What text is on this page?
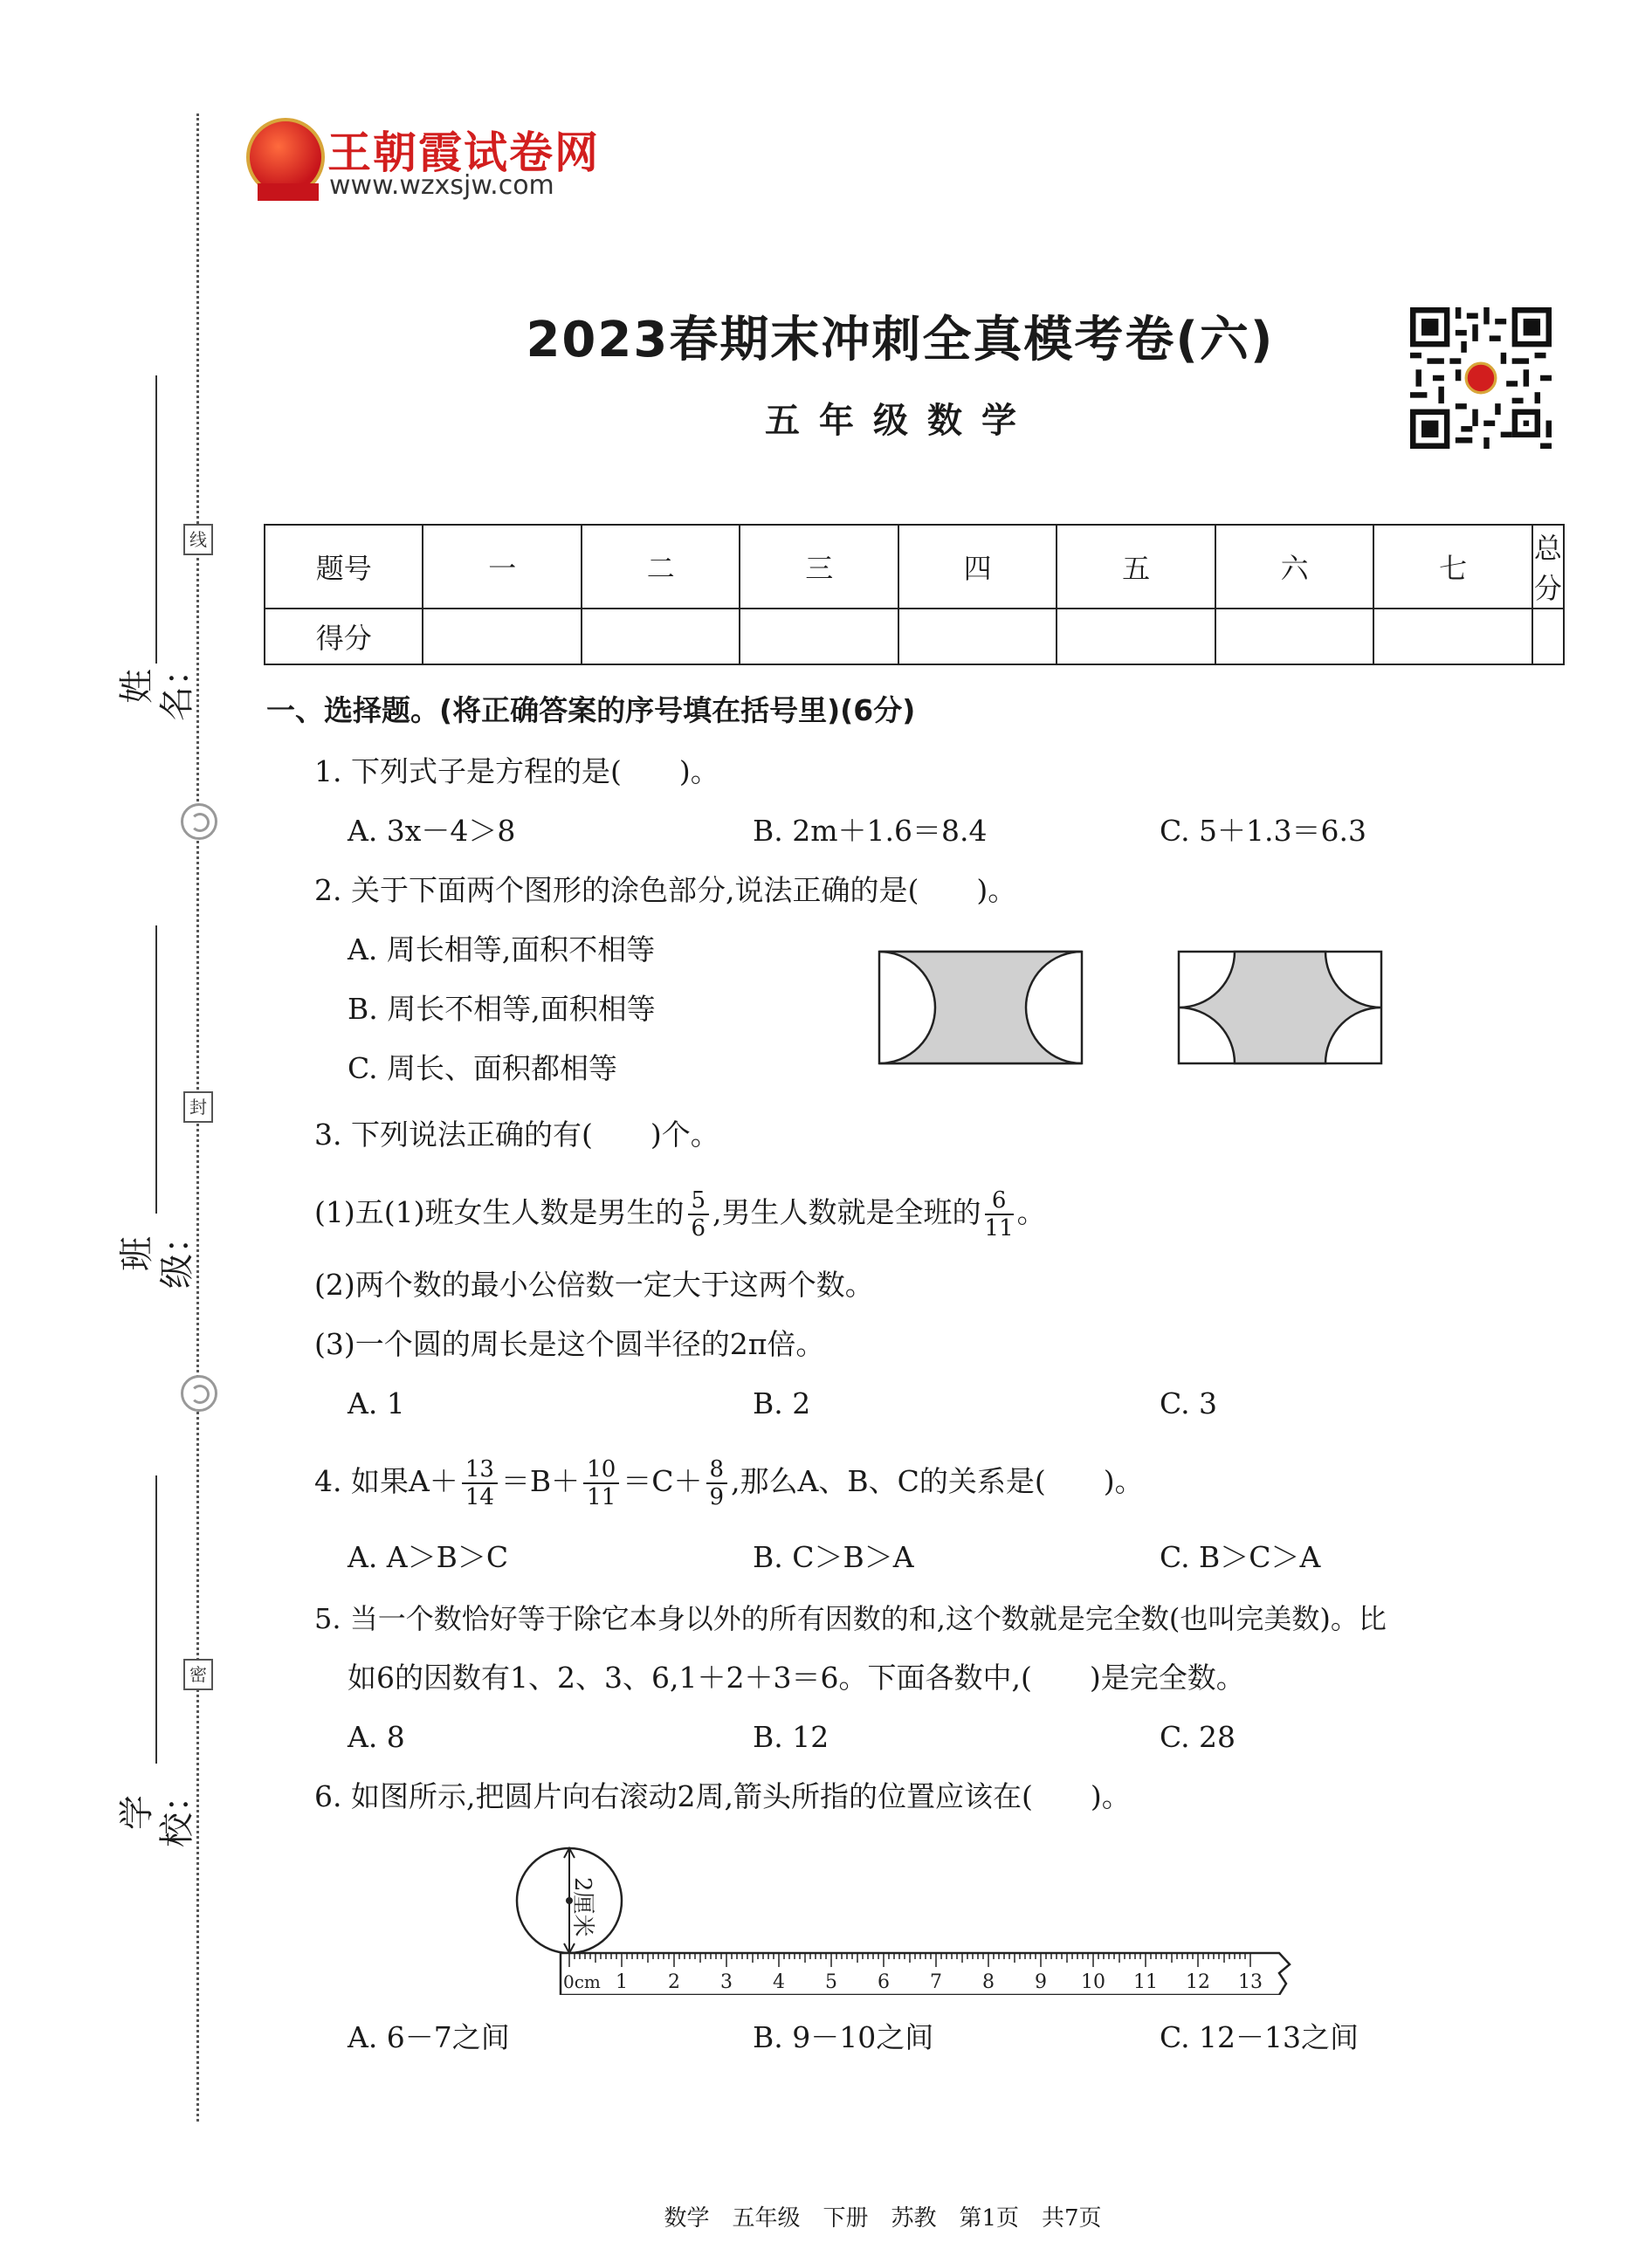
姓名：
线
班级：
封
学校：
密
王朝霞试卷网
www.wzxsjw.com
2023春期末冲刺全真模考卷(六)
五年级数学
题号	一	二	三	四	五	六	七	总分
得分								
一、选择题。(将正确答案的序号填在括号里)(6分)
1. 下列式子是方程的是(　　)。
A. 3x－4＞8	B. 2m＋1.6＝8.4	C. 5＋1.3＝6.3
2. 关于下面两个图形的涂色部分,说法正确的是(　　)。
A. 周长相等,面积不相等
B. 周长不相等,面积相等
C. 周长、面积都相等
3. 下列说法正确的有(　　)个。
(1)五(1)班女生人数是男生的 $\frac{5}{6}$ ,男生人数就是全班的 $\frac{6}{11}$ 。
(2)两个数的最小公倍数一定大于这两个数。
(3)一个圆的周长是这个圆半径的2π倍。
A. 1	B. 2	C. 3
4. 如果$A+ \frac{13}{14} =B+ \frac{10}{11} =C+ \frac{8}{9}$ ,那么A、B、C的关系是(　　)。
A. A＞B＞C	B. C＞B＞A	C. B＞C＞A
5. 当一个数恰好等于除它本身以外的所有因数的和,这个数就是完全数(也叫完美数)。比
如6的因数有1、2、3、6,1＋2＋3＝6。下面各数中,(　　)是完全数。
A. 8	B. 12	C. 28
6. 如图所示,把圆片向右滚动2周,箭头所指的位置应该在(　　)。
2厘米
0cm 1 2 3 4 5 6 7 8 9 10 11 12 13
A. 6－7之间	B. 9－10之间	C. 12－13之间
数学　五年级　下册　苏教　第1页　共7页
